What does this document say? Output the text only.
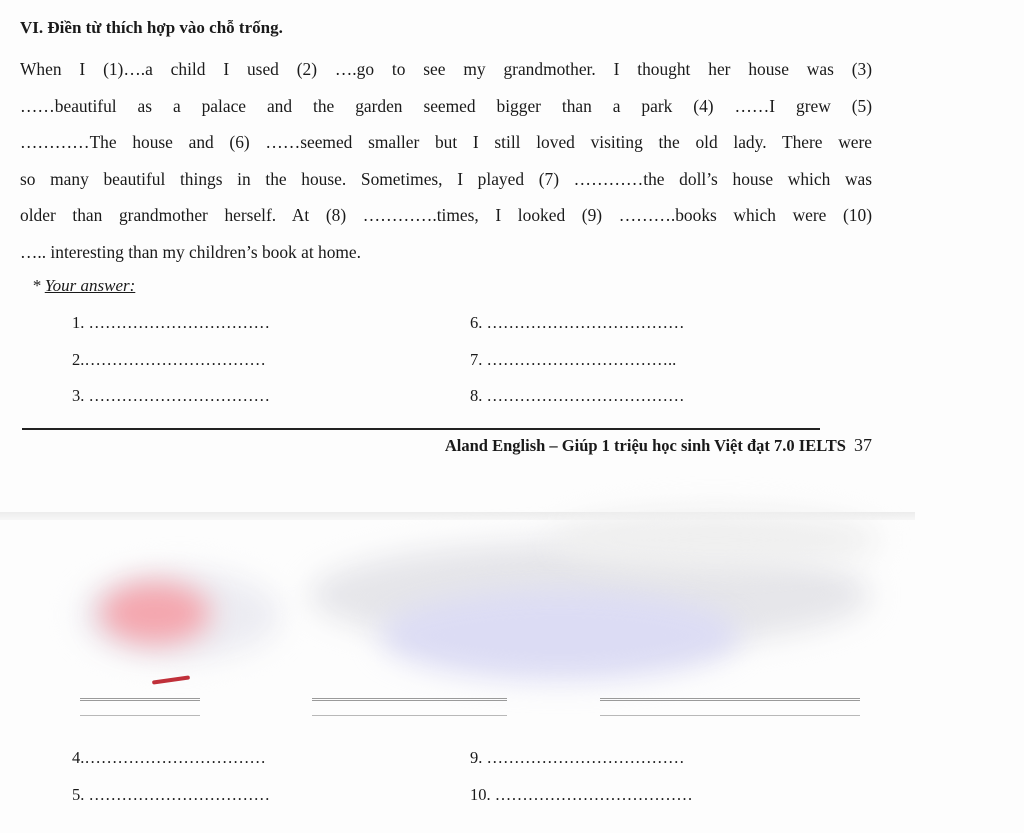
VI. Điền từ thích hợp vào chỗ trống.
When I (1)….a child I used (2) ….go to see my grandmother. I thought her house was (3)
……beautiful as a palace and the garden seemed bigger than a park (4) ……I grew (5)
…………The house and (6) ……seemed smaller but I still loved visiting the old lady. There were
so many beautiful things in the house. Sometimes, I played (7) …………the doll’s house which was
older than grandmother herself. At (8) ………….times, I looked (9) ……….books which were (10)
….. interesting than my children’s book at home.
* Your answer:
1. ……………………………
2.……………………………
3. ……………………………
6. ………………………………
7. ……………………………..
8. ………………………………
Aland English – Giúp 1 triệu học sinh Việt đạt 7.0 IELTS 37
4.……………………………
5. ……………………………
9. ………………………………
10. ………………………………
